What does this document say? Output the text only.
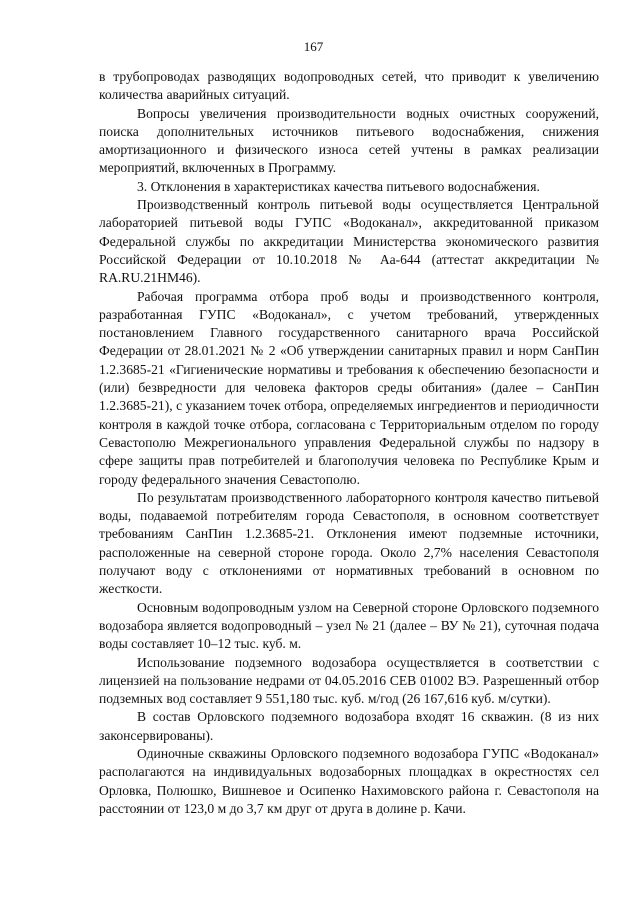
167

в трубопроводах разводящих водопроводных сетей, что приводит к увеличению количества аварийных ситуаций.

Вопросы увеличения производительности водных очистных сооружений, поиска дополнительных источников питьевого водоснабжения, снижения амортизационного и физического износа сетей учтены в рамках реализации мероприятий, включенных в Программу.

3. Отклонения в характеристиках качества питьевого водоснабжения.

Производственный контроль питьевой воды осуществляется Центральной лабораторией питьевой воды ГУПС «Водоканал», аккредитованной приказом Федеральной службы по аккредитации Министерства экономического развития Российской Федерации от 10.10.2018 № Аа-644 (аттестат аккредитации № RA.RU.21HM46).

Рабочая программа отбора проб воды и производственного контроля, разработанная ГУПС «Водоканал», с учетом требований, утвержденных постановлением Главного государственного санитарного врача Российской Федерации от 28.01.2021 № 2 «Об утверждении санитарных правил и норм СанПин 1.2.3685-21 «Гигиенические нормативы и требования к обеспечению безопасности и (или) безвредности для человека факторов среды обитания» (далее – СанПин 1.2.3685-21), с указанием точек отбора, определяемых ингредиентов и периодичности контроля в каждой точке отбора, согласована с Территориальным отделом по городу Севастополю Межрегионального управления Федеральной службы по надзору в сфере защиты прав потребителей и благополучия человека по Республике Крым и городу федерального значения Севастополю.

По результатам производственного лабораторного контроля качество питьевой воды, подаваемой потребителям города Севастополя, в основном соответствует требованиям СанПин 1.2.3685-21. Отклонения имеют подземные источники, расположенные на северной стороне города. Около 2,7% населения Севастополя получают воду с отклонениями от нормативных требований в основном по жесткости.

Основным водопроводным узлом на Северной стороне Орловского подземного водозабора является водопроводный – узел № 21 (далее – ВУ № 21), суточная подача воды составляет 10–12 тыс. куб. м.

Использование подземного водозабора осуществляется в соответствии с лицензией на пользование недрами от 04.05.2016 СЕВ 01002 ВЭ. Разрешенный отбор подземных вод составляет 9 551,180 тыс. куб. м/год (26 167,616 куб. м/сутки).

В состав Орловского подземного водозабора входят 16 скважин. (8 из них законсервированы).

Одиночные скважины Орловского подземного водозабора ГУПС «Водоканал» располагаются на индивидуальных водозаборных площадках в окрестностях сел Орловка, Полюшко, Вишневое и Осипенко Нахимовского района г. Севастополя на расстоянии от 123,0 м до 3,7 км друг от друга в долине р. Качи.
